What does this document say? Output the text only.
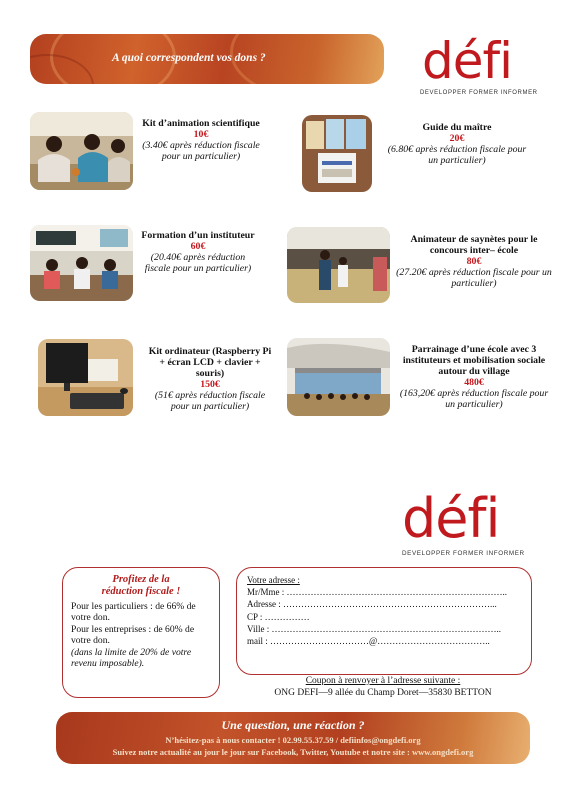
A quoi correspondent vos dons ?	défi
DEVELOPPER FORMER INFORMER
Kit d’animation scientifique
10€
(3.40€ après réduction fiscale pour un particulier)
Guide du maître
20€
(6.80€ après réduction fiscale pour un particulier)
Formation d’un instituteur
60€
(20.40€ après réduction fiscale pour un particulier)
Animateur de saynètes pour le concours inter– école
80€
(27.20€ après réduction fiscale pour un particulier)
Kit ordinateur (Raspberry Pi + écran LCD + clavier + souris)
150€
(51€ après réduction fiscale pour un particulier)
Parrainage d’une école avec 3 instituteurs et mobilisation sociale autour du village
480€
(163,20€ après réduction fiscale pour un particulier)
défi
DEVELOPPER FORMER INFORMER
Profitez de la
réduction fiscale !
Pour les particuliers : de 66% de votre don.
Pour les entreprises : de 60% de votre don.
(dans la limite de 20% de votre revenu imposable).
Votre adresse :
Mr/Mme : ………………………………………………………………..
Adresse : ……………………………………………………………...
CP : ……………
Ville : …………………………………………………………………..
mail : ……………………………@………………………………..
Coupon à renvoyer à l’adresse suivante :
ONG DEFI—9 allée du Champ Doret—35830 BETTON
Une question, une réaction ?
N’hésitez-pas à nous contacter ! 02.99.55.37.59 / defiinfos@ongdefi.org
Suivez notre actualité au jour le jour sur Facebook, Twitter, Youtube et notre site : www.ongdefi.org
